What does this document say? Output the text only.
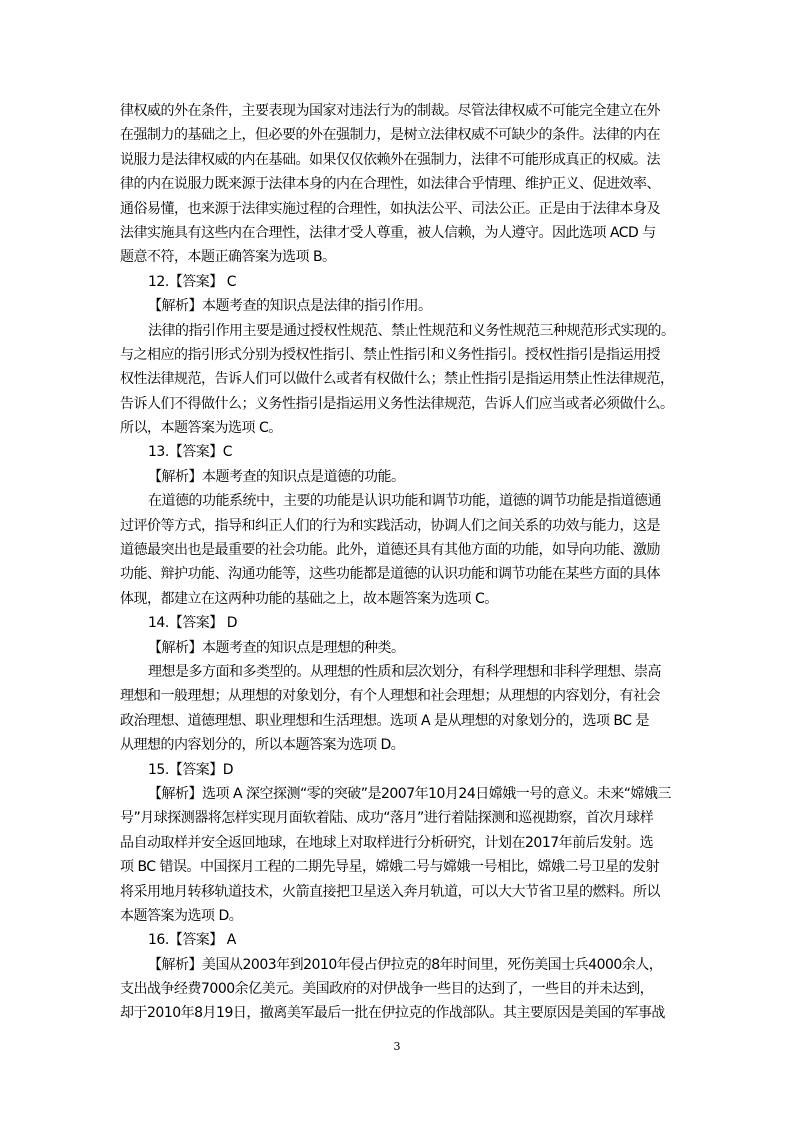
律权威的外在条件，主要表现为国家对违法行为的制裁。尽管法律权威不可能完全建立在外
在强制力的基础之上，但必要的外在强制力，是树立法律权威不可缺少的条件。法律的内在
说服力是法律权威的内在基础。如果仅仅依赖外在强制力，法律不可能形成真正的权威。法
律的内在说服力既来源于法律本身的内在合理性，如法律合乎情理、维护正义、促进效率、
通俗易懂，也来源于法律实施过程的合理性，如执法公平、司法公正。正是由于法律本身及
法律实施具有这些内在合理性，法律才受人尊重，被人信赖，为人遵守。因此选项 ACD 与
题意不符，本题正确答案为选项 B。
12.【答案】 C
【解析】本题考查的知识点是法律的指引作用。
法律的指引作用主要是通过授权性规范、禁止性规范和义务性规范三种规范形式实现的。
与之相应的指引形式分别为授权性指引、禁止性指引和义务性指引。授权性指引是指运用授
权性法律规范，告诉人们可以做什么或者有权做什么；禁止性指引是指运用禁止性法律规范，
告诉人们不得做什么；义务性指引是指运用义务性法律规范，告诉人们应当或者必须做什么。
所以，本题答案为选项 C。
13.【答案】C
【解析】本题考查的知识点是道德的功能。
在道德的功能系统中，主要的功能是认识功能和调节功能，道德的调节功能是指道德通
过评价等方式，指导和纠正人们的行为和实践活动，协调人们之间关系的功效与能力，这是
道德最突出也是最重要的社会功能。此外，道德还具有其他方面的功能，如导向功能、激励
功能、辩护功能、沟通功能等，这些功能都是道德的认识功能和调节功能在某些方面的具体
体现，都建立在这两种功能的基础之上，故本题答案为选项 C。
14.【答案】 D
【解析】本题考查的知识点是理想的种类。
理想是多方面和多类型的。从理想的性质和层次划分，有科学理想和非科学理想、崇高
理想和一般理想；从理想的对象划分，有个人理想和社会理想；从理想的内容划分，有社会
政治理想、道德理想、职业理想和生活理想。选项 A 是从理想的对象划分的，选项 BC 是
从理想的内容划分的，所以本题答案为选项 D。
15.【答案】D
【解析】选项 A 深空探测“零的突破”是2007年10月24日嫦娥一号的意义。未来“嫦娥三
号”月球探测器将怎样实现月面软着陆、成功“落月”进行着陆探测和巡视勘察，首次月球样
品自动取样并安全返回地球，在地球上对取样进行分析研究，计划在2017年前后发射。选
项 BC 错误。中国探月工程的二期先导星，嫦娥二号与嫦娥一号相比，嫦娥二号卫星的发射
将采用地月转移轨道技术，火箭直接把卫星送入奔月轨道，可以大大节省卫星的燃料。所以
本题答案为选项 D。
16.【答案】 A
【解析】美国从2003年到2010年侵占伊拉克的8年时间里，死伤美国士兵4000余人，
支出战争经费7000余亿美元。美国政府的对伊战争一些目的达到了，一些目的并未达到，
却于2010年8月19日，撤离美军最后一批在伊拉克的作战部队。其主要原因是美国的军事战
3
